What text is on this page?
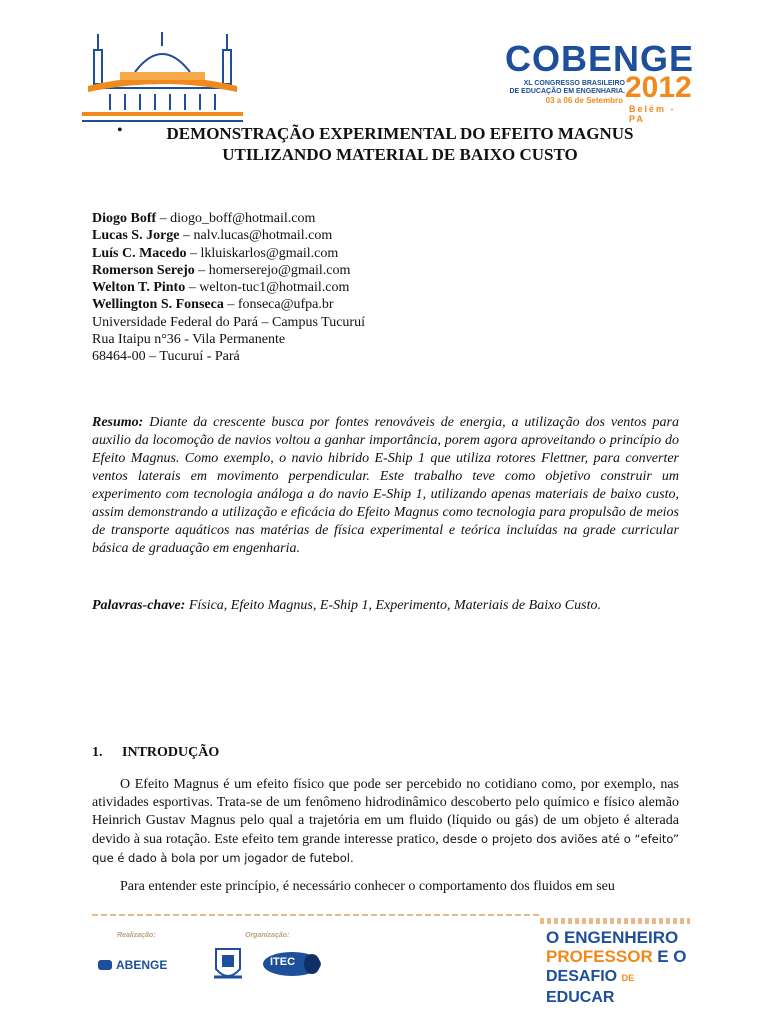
COBENGE
XL CONGRESSO BRASILEIRO
DE EDUCAÇÃO EM ENGENHARIA.
03 a 06 de Setembro 2012
Belém - PA
•	DEMONSTRAÇÃO EXPERIMENTAL DO EFEITO MAGNUS
UTILIZANDO MATERIAL DE BAIXO CUSTO
Diogo Boff – diogo_boff@hotmail.com
Lucas S. Jorge – nalv.lucas@hotmail.com
Luís C. Macedo – lkluiskarlos@gmail.com
Romerson Serejo – homerserejo@gmail.com
Welton T. Pinto – welton-tuc1@hotmail.com
Wellington S. Fonseca – fonseca@ufpa.br
Universidade Federal do Pará – Campus Tucuruí
Rua Itaipu n°36 - Vila Permanente
68464-00 – Tucuruí - Pará
Resumo: Diante da crescente busca por fontes renováveis de energia, a utilização dos ventos para auxilio da locomoção de navios voltou a ganhar importância, porem agora aproveitando o princípio do Efeito Magnus. Como exemplo, o navio hibrido E-Ship 1 que utiliza rotores Flettner, para converter ventos laterais em movimento perpendicular. Este trabalho teve como objetivo construir um experimento com tecnologia análoga a do navio E-Ship 1, utilizando apenas materiais de baixo custo, assim demonstrando a utilização e eficácia do Efeito Magnus como tecnologia para propulsão de meios de transporte aquáticos nas matérias de física experimental e teórica incluídas na grade curricular básica de graduação em engenharia.
Palavras-chave: Física, Efeito Magnus, E-Ship 1, Experimento, Materiais de Baixo Custo.
1. INTRODUÇÃO
O Efeito Magnus é um efeito físico que pode ser percebido no cotidiano como, por exemplo, nas atividades esportivas. Trata-se de um fenômeno hidrodinâmico descoberto pelo químico e físico alemão Heinrich Gustav Magnus pelo qual a trajetória em um fluido (líquido ou gás) de um objeto é alterada devido à sua rotação. Este efeito tem grande interesse pratico, desde o projeto dos aviões até o “efeito” que é dado à bola por um jogador de futebol.
Para entender este princípio, é necessário conhecer o comportamento dos fluidos em seu
Realização:	Organização:
ABENGE	ITEC
O ENGENHEIRO
PROFESSOR E O
DESAFIO DE EDUCAR
